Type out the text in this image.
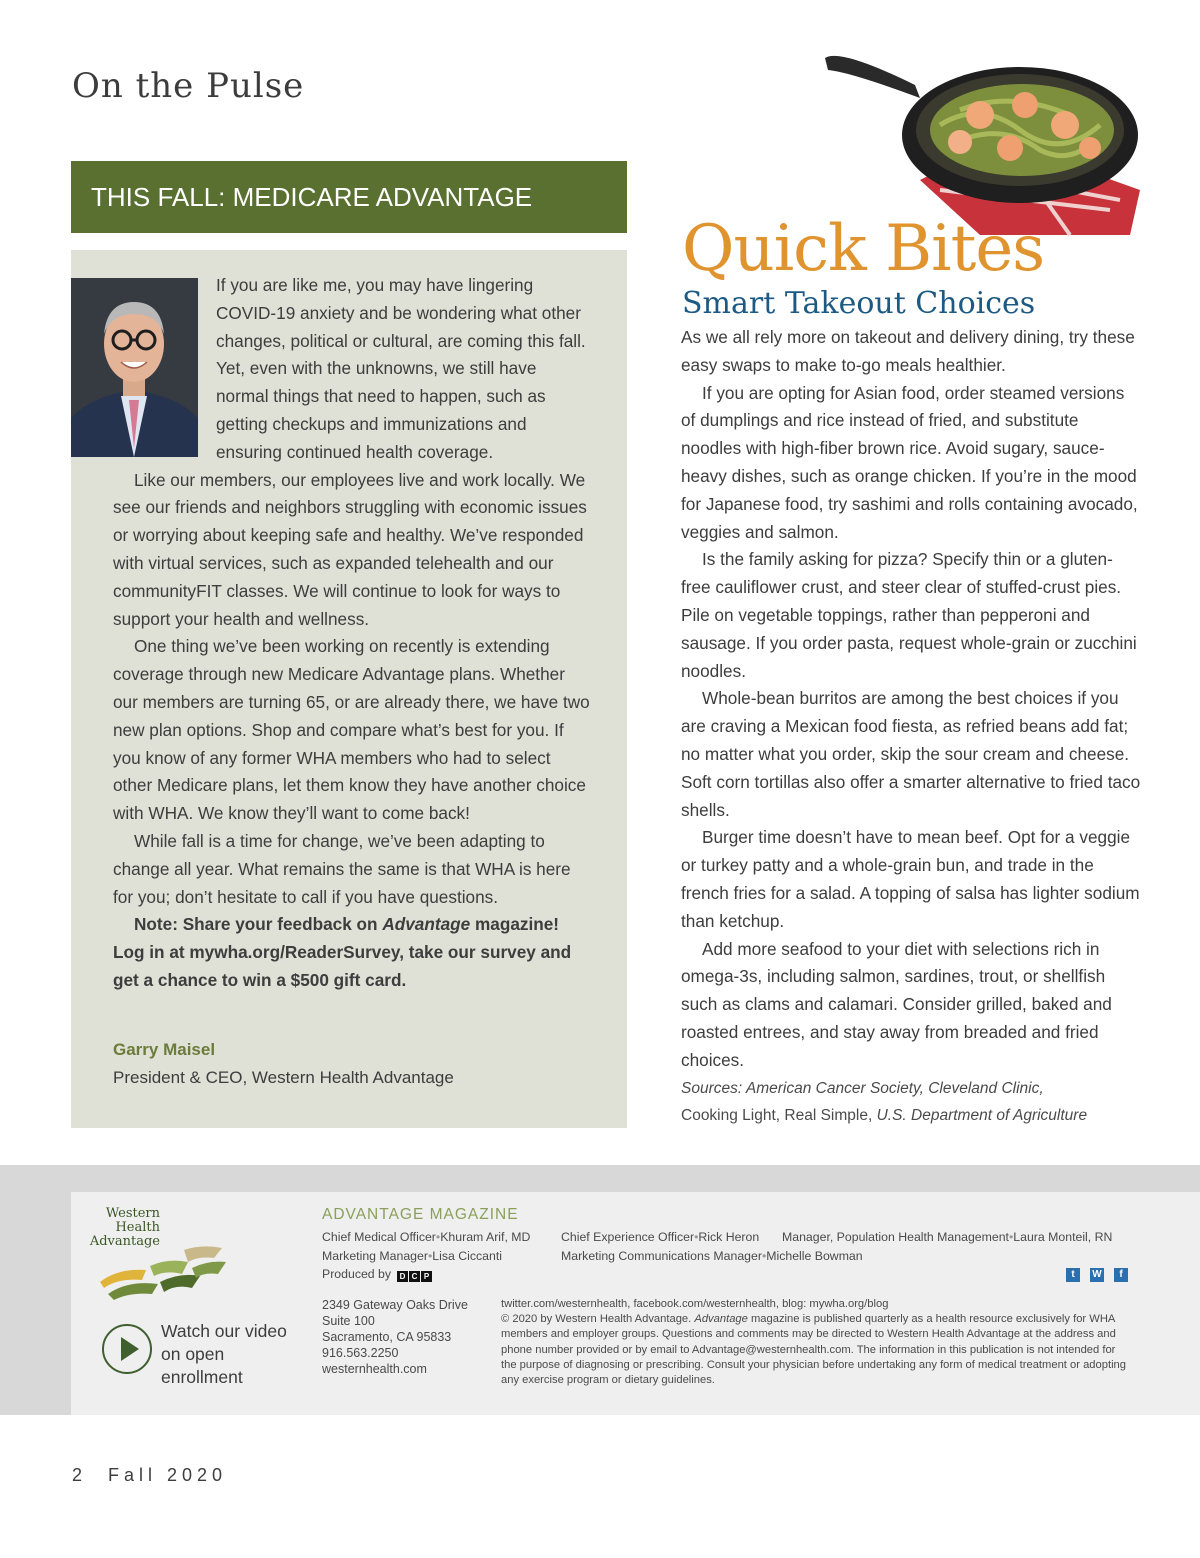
On the Pulse
THIS FALL: MEDICARE ADVANTAGE

If you are like me, you may have lingering COVID-19 anxiety and be wondering what other changes, political or cultural, are coming this fall. Yet, even with the unknowns, we still have normal things that need to happen, such as getting checkups and immunizations and ensuring continued health coverage.

Like our members, our employees live and work locally. We see our friends and neighbors struggling with economic issues or worrying about keeping safe and healthy. We’ve responded with virtual services, such as expanded telehealth and our communityFIT classes. We will continue to look for ways to support your health and wellness.

One thing we’ve been working on recently is extending coverage through new Medicare Advantage plans. Whether our members are turning 65, or are already there, we have two new plan options. Shop and compare what’s best for you. If you know of any former WHA members who had to select other Medicare plans, let them know they have another choice with WHA. We know they’ll want to come back!

While fall is a time for change, we’ve been adapting to change all year. What remains the same is that WHA is here for you; don’t hesitate to call if you have questions.

Note: Share your feedback on Advantage magazine! Log in at mywha.org/ReaderSurvey, take our survey and get a chance to win a $500 gift card.

Garry Maisel
President & CEO, Western Health Advantage
Quick Bites
Smart Takeout Choices

As we all rely more on takeout and delivery dining, try these easy swaps to make to-go meals healthier.

If you are opting for Asian food, order steamed versions of dumplings and rice instead of fried, and substitute noodles with high-fiber brown rice. Avoid sugary, sauce-heavy dishes, such as orange chicken. If you’re in the mood for Japanese food, try sashimi and rolls containing avocado, veggies and salmon.

Is the family asking for pizza? Specify thin or a gluten-free cauliflower crust, and steer clear of stuffed-crust pies. Pile on vegetable toppings, rather than pepperoni and sausage. If you order pasta, request whole-grain or zucchini noodles.

Whole-bean burritos are among the best choices if you are craving a Mexican food fiesta, as refried beans add fat; no matter what you order, skip the sour cream and cheese. Soft corn tortillas also offer a smarter alternative to fried taco shells.

Burger time doesn’t have to mean beef. Opt for a veggie or turkey patty and a whole-grain bun, and trade in the french fries for a salad. A topping of salsa has lighter sodium than ketchup.

Add more seafood to your diet with selections rich in omega-3s, including salmon, sardines, trout, or shellfish such as clams and calamari. Consider grilled, baked and roasted entrees, and stay away from breaded and fried choices.

Sources: American Cancer Society, Cleveland Clinic,
Cooking Light, Real Simple, U.S. Department of Agriculture

Western
Health
Advantage
Watch our video on open enrollment
ADVANTAGE MAGAZINE
Chief Medical Officer•Khuram Arif, MD Chief Experience Officer•Rick Heron Manager, Population Health Management•Laura Monteil, RN
Marketing Manager•Lisa Ciccanti	Marketing Communications Manager•Michelle Bowman
Produced by D C P	t	W	f
2349 Gateway Oaks Drive
Suite 100
Sacramento, CA 95833
916.563.2250
westernhealth.com

twitter.com/westernhealth, facebook.com/westernhealth, blog: mywha.org/blog

© 2020 by Western Health Advantage. Advantage magazine is published quarterly as a health resource exclusively for WHA members and employer groups. Questions and comments may be directed to Western Health Advantage at the address and phone number provided or by email to Advantage@westernhealth.com. The information in this publication is not intended for the purpose of diagnosing or prescribing. Consult your physician before undertaking any form of medical treatment or adopting any exercise program or dietary guidelines.

2 Fall 2020
